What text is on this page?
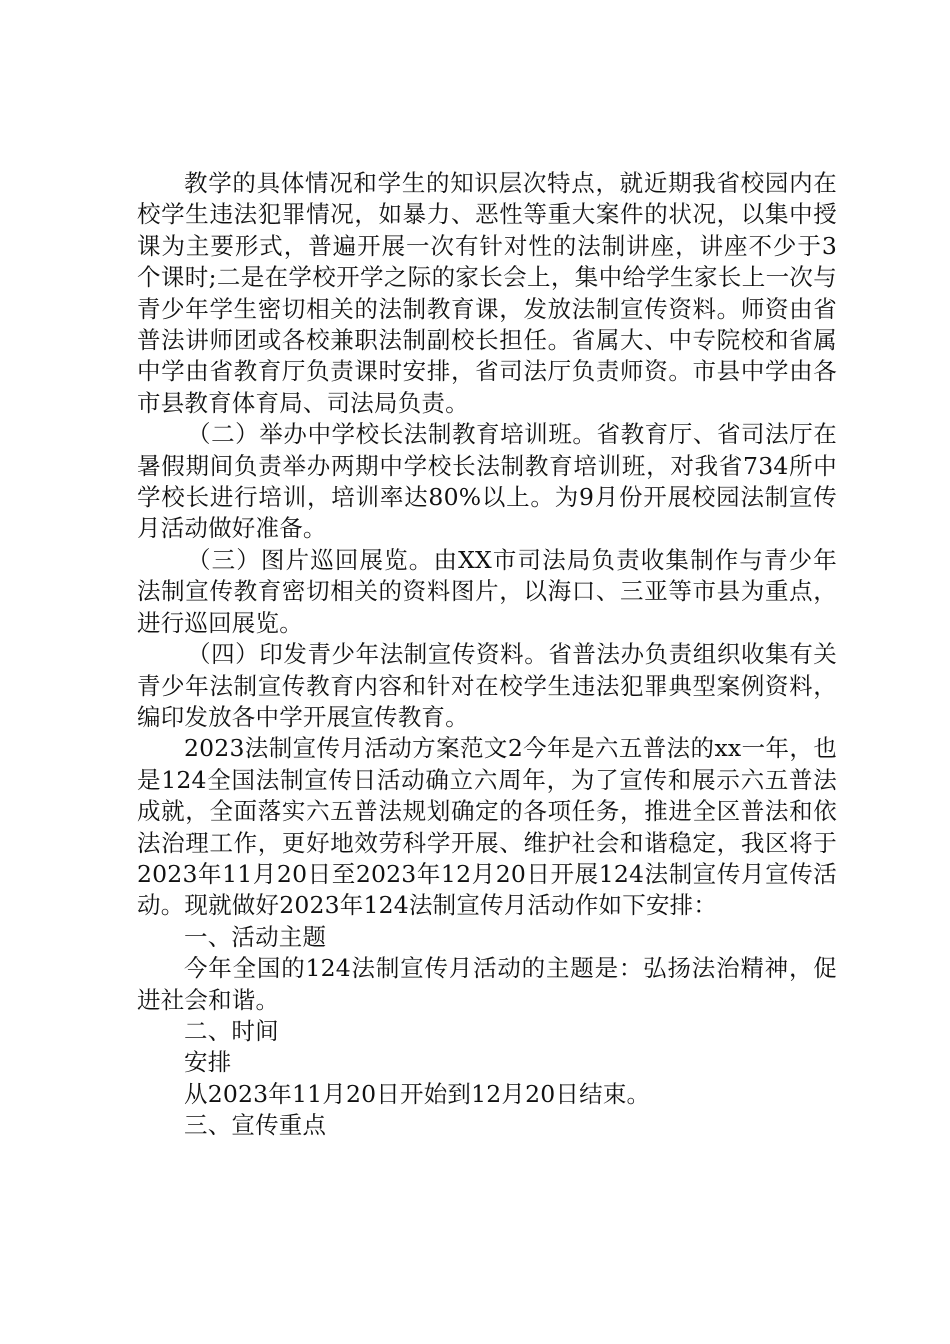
教学的具体情况和学生的知识层次特点，就近期我省校园内在校学生违法犯罪情况，如暴力、恶性等重大案件的状况，以集中授课为主要形式，普遍开展一次有针对性的法制讲座，讲座不少于3个课时;二是在学校开学之际的家长会上，集中给学生家长上一次与青少年学生密切相关的法制教育课，发放法制宣传资料。师资由省普法讲师团或各校兼职法制副校长担任。省属大、中专院校和省属中学由省教育厅负责课时安排，省司法厅负责师资。市县中学由各市县教育体育局、司法局负责。

（二）举办中学校长法制教育培训班。省教育厅、省司法厅在暑假期间负责举办两期中学校长法制教育培训班，对我省734所中学校长进行培训，培训率达80%以上。为9月份开展校园法制宣传月活动做好准备。

（三）图片巡回展览。由XX市司法局负责收集制作与青少年法制宣传教育密切相关的资料图片，以海口、三亚等市县为重点，进行巡回展览。

（四）印发青少年法制宣传资料。省普法办负责组织收集有关青少年法制宣传教育内容和针对在校学生违法犯罪典型案例资料，编印发放各中学开展宣传教育。

2023法制宣传月活动方案范文2今年是六五普法的xx一年，也是124全国法制宣传日活动确立六周年，为了宣传和展示六五普法成就，全面落实六五普法规划确定的各项任务，推进全区普法和依法治理工作，更好地效劳科学开展、维护社会和谐稳定，我区将于2023年11月20日至2023年12月20日开展124法制宣传月宣传活动。现就做好2023年124法制宣传月活动作如下安排：

一、活动主题

今年全国的124法制宣传月活动的主题是：弘扬法治精神，促进社会和谐。

二、时间

安排

从2023年11月20日开始到12月20日结束。

三、宣传重点
